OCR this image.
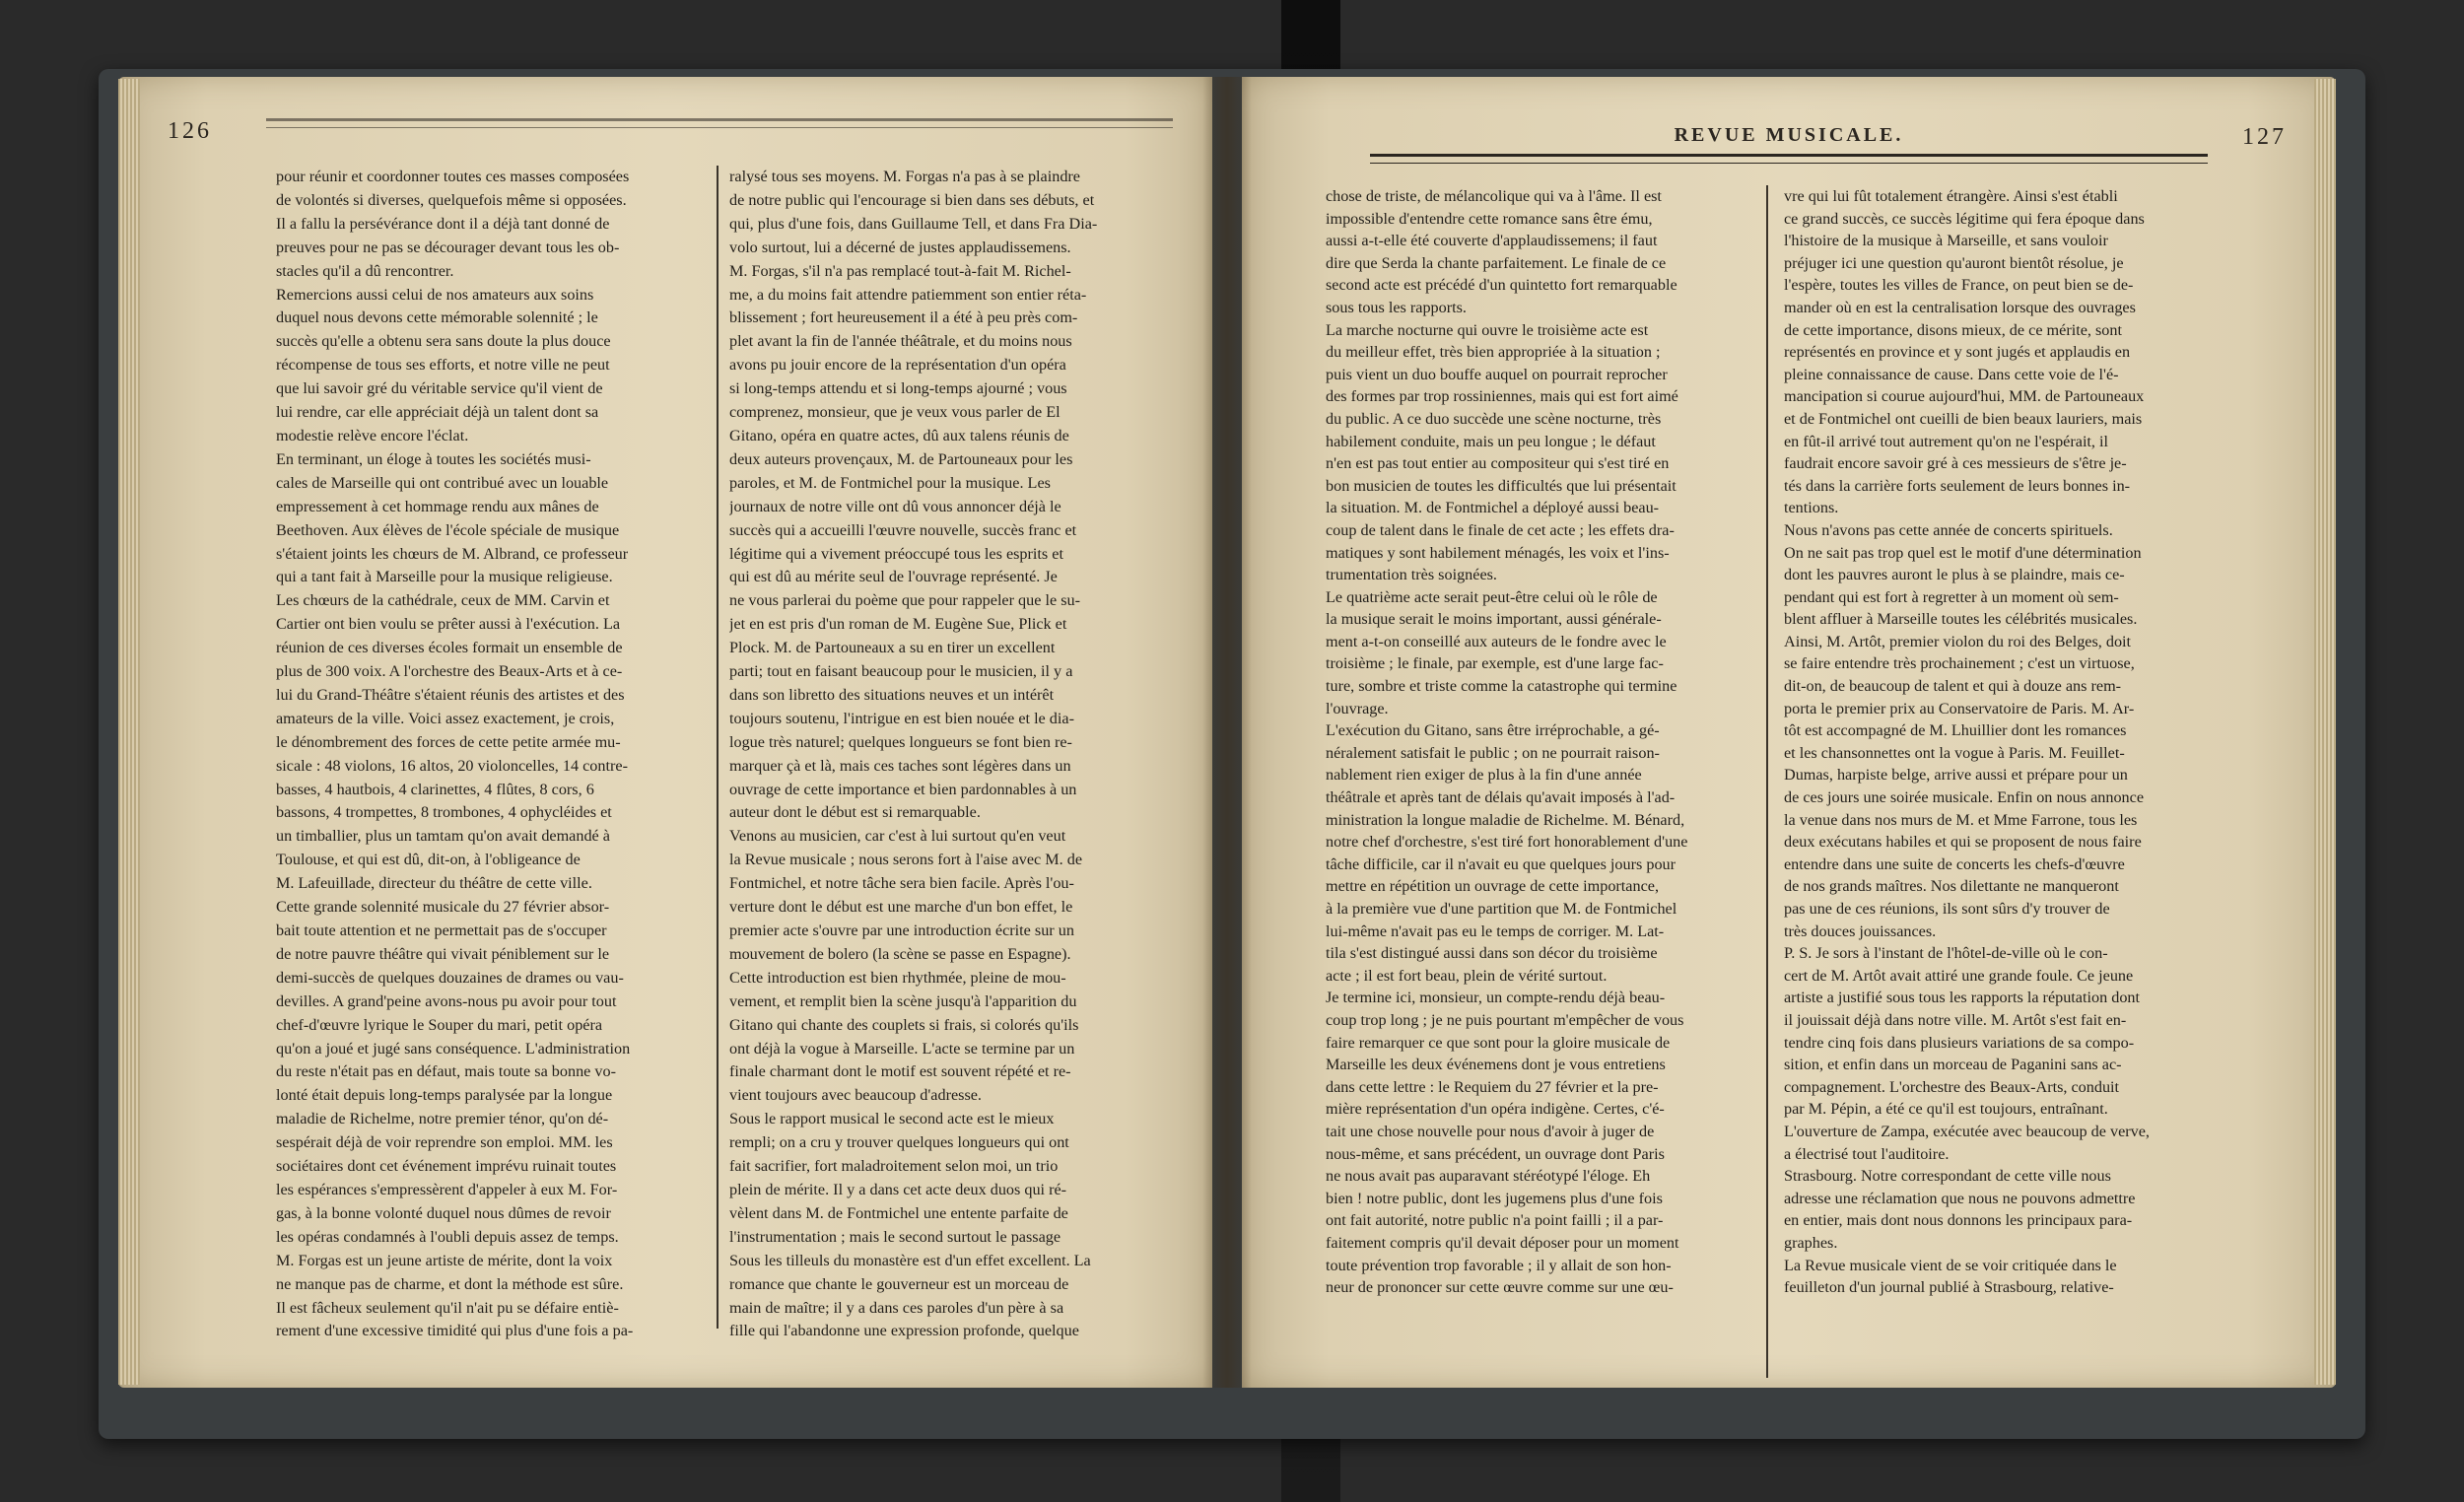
126
pour réunir et coordonner toutes ces masses composées
de volontés si diverses, quelquefois même si opposées.
Il a fallu la persévérance dont il a déjà tant donné de
preuves pour ne pas se décourager devant tous les ob-
stacles qu'il a dû rencontrer.
Remercions aussi celui de nos amateurs aux soins
duquel nous devons cette mémorable solennité ; le
succès qu'elle a obtenu sera sans doute la plus douce
récompense de tous ses efforts, et notre ville ne peut
que lui savoir gré du véritable service qu'il vient de
lui rendre, car elle appréciait déjà un talent dont sa
modestie relève encore l'éclat.
En terminant, un éloge à toutes les sociétés musi-
cales de Marseille qui ont contribué avec un louable
empressement à cet hommage rendu aux mânes de
Beethoven. Aux élèves de l'école spéciale de musique
s'étaient joints les chœurs de M. Albrand, ce professeur
qui a tant fait à Marseille pour la musique religieuse.
Les chœurs de la cathédrale, ceux de MM. Carvin et
Cartier ont bien voulu se prêter aussi à l'exécution. La
réunion de ces diverses écoles formait un ensemble de
plus de 300 voix. A l'orchestre des Beaux-Arts et à ce-
lui du Grand-Théâtre s'étaient réunis des artistes et des
amateurs de la ville. Voici assez exactement, je crois,
le dénombrement des forces de cette petite armée mu-
sicale : 48 violons, 16 altos, 20 violoncelles, 14 contre-
basses, 4 hautbois, 4 clarinettes, 4 flûtes, 8 cors, 6
bassons, 4 trompettes, 8 trombones, 4 ophycléides et
un timballier, plus un tamtam qu'on avait demandé à
Toulouse, et qui est dû, dit-on, à l'obligeance de
M. Lafeuillade, directeur du théâtre de cette ville.
Cette grande solennité musicale du 27 février absor-
bait toute attention et ne permettait pas de s'occuper
de notre pauvre théâtre qui vivait péniblement sur le
demi-succès de quelques douzaines de drames ou vau-
devilles. A grand'peine avons-nous pu avoir pour tout
chef-d'œuvre lyrique le Souper du mari, petit opéra
qu'on a joué et jugé sans conséquence. L'administration
du reste n'était pas en défaut, mais toute sa bonne vo-
lonté était depuis long-temps paralysée par la longue
maladie de Richelme, notre premier ténor, qu'on dé-
sespérait déjà de voir reprendre son emploi. MM. les
sociétaires dont cet événement imprévu ruinait toutes
les espérances s'empressèrent d'appeler à eux M. For-
gas, à la bonne volonté duquel nous dûmes de revoir
les opéras condamnés à l'oubli depuis assez de temps.
M. Forgas est un jeune artiste de mérite, dont la voix
ne manque pas de charme, et dont la méthode est sûre.
Il est fâcheux seulement qu'il n'ait pu se défaire entiè-
rement d'une excessive timidité qui plus d'une fois a pa-
ralysé tous ses moyens. M. Forgas n'a pas à se plaindre
de notre public qui l'encourage si bien dans ses débuts, et
qui, plus d'une fois, dans Guillaume Tell, et dans Fra Dia-
volo surtout, lui a décerné de justes applaudissemens.
M. Forgas, s'il n'a pas remplacé tout-à-fait M. Richel-
me, a du moins fait attendre patiemment son entier réta-
blissement ; fort heureusement il a été à peu près com-
plet avant la fin de l'année théâtrale, et du moins nous
avons pu jouir encore de la représentation d'un opéra
si long-temps attendu et si long-temps ajourné ; vous
comprenez, monsieur, que je veux vous parler de El
Gitano, opéra en quatre actes, dû aux talens réunis de
deux auteurs provençaux, M. de Partouneaux pour les
paroles, et M. de Fontmichel pour la musique. Les
journaux de notre ville ont dû vous annoncer déjà le
succès qui a accueilli l'œuvre nouvelle, succès franc et
légitime qui a vivement préoccupé tous les esprits et
qui est dû au mérite seul de l'ouvrage représenté. Je
ne vous parlerai du poème que pour rappeler que le su-
jet en est pris d'un roman de M. Eugène Sue, Plick et
Plock. M. de Partouneaux a su en tirer un excellent
parti; tout en faisant beaucoup pour le musicien, il y a
dans son libretto des situations neuves et un intérêt
toujours soutenu, l'intrigue en est bien nouée et le dia-
logue très naturel; quelques longueurs se font bien re-
marquer çà et là, mais ces taches sont légères dans un
ouvrage de cette importance et bien pardonnables à un
auteur dont le début est si remarquable.
Venons au musicien, car c'est à lui surtout qu'en veut
la Revue musicale ; nous serons fort à l'aise avec M. de
Fontmichel, et notre tâche sera bien facile. Après l'ou-
verture dont le début est une marche d'un bon effet, le
premier acte s'ouvre par une introduction écrite sur un
mouvement de bolero (la scène se passe en Espagne).
Cette introduction est bien rhythmée, pleine de mou-
vement, et remplit bien la scène jusqu'à l'apparition du
Gitano qui chante des couplets si frais, si colorés qu'ils
ont déjà la vogue à Marseille. L'acte se termine par un
finale charmant dont le motif est souvent répété et re-
vient toujours avec beaucoup d'adresse.
Sous le rapport musical le second acte est le mieux
rempli; on a cru y trouver quelques longueurs qui ont
fait sacrifier, fort maladroitement selon moi, un trio
plein de mérite. Il y a dans cet acte deux duos qui ré-
vèlent dans M. de Fontmichel une entente parfaite de
l'instrumentation ; mais le second surtout le passage
Sous les tilleuls du monastère est d'un effet excellent. La
romance que chante le gouverneur est un morceau de
main de maître; il y a dans ces paroles d'un père à sa
fille qui l'abandonne une expression profonde, quelque
REVUE MUSICALE.	127
chose de triste, de mélancolique qui va à l'âme. Il est
impossible d'entendre cette romance sans être ému,
aussi a-t-elle été couverte d'applaudissemens; il faut
dire que Serda la chante parfaitement. Le finale de ce
second acte est précédé d'un quintetto fort remarquable
sous tous les rapports.
La marche nocturne qui ouvre le troisième acte est
du meilleur effet, très bien appropriée à la situation ;
puis vient un duo bouffe auquel on pourrait reprocher
des formes par trop rossiniennes, mais qui est fort aimé
du public. A ce duo succède une scène nocturne, très
habilement conduite, mais un peu longue ; le défaut
n'en est pas tout entier au compositeur qui s'est tiré en
bon musicien de toutes les difficultés que lui présentait
la situation. M. de Fontmichel a déployé aussi beau-
coup de talent dans le finale de cet acte ; les effets dra-
matiques y sont habilement ménagés, les voix et l'ins-
trumentation très soignées.
Le quatrième acte serait peut-être celui où le rôle de
la musique serait le moins important, aussi générale-
ment a-t-on conseillé aux auteurs de le fondre avec le
troisième ; le finale, par exemple, est d'une large fac-
ture, sombre et triste comme la catastrophe qui termine
l'ouvrage.
L'exécution du Gitano, sans être irréprochable, a gé-
néralement satisfait le public ; on ne pourrait raison-
nablement rien exiger de plus à la fin d'une année
théâtrale et après tant de délais qu'avait imposés à l'ad-
ministration la longue maladie de Richelme. M. Bénard,
notre chef d'orchestre, s'est tiré fort honorablement d'une
tâche difficile, car il n'avait eu que quelques jours pour
mettre en répétition un ouvrage de cette importance,
à la première vue d'une partition que M. de Fontmichel
lui-même n'avait pas eu le temps de corriger. M. Lat-
tila s'est distingué aussi dans son décor du troisième
acte ; il est fort beau, plein de vérité surtout.
Je termine ici, monsieur, un compte-rendu déjà beau-
coup trop long ; je ne puis pourtant m'empêcher de vous
faire remarquer ce que sont pour la gloire musicale de
Marseille les deux événemens dont je vous entretiens
dans cette lettre : le Requiem du 27 février et la pre-
mière représentation d'un opéra indigène. Certes, c'é-
tait une chose nouvelle pour nous d'avoir à juger de
nous-même, et sans précédent, un ouvrage dont Paris
ne nous avait pas auparavant stéréotypé l'éloge. Eh
bien ! notre public, dont les jugemens plus d'une fois
ont fait autorité, notre public n'a point failli ; il a par-
faitement compris qu'il devait déposer pour un moment
toute prévention trop favorable ; il y allait de son hon-
neur de prononcer sur cette œuvre comme sur une œu-
vre qui lui fût totalement étrangère. Ainsi s'est établi
ce grand succès, ce succès légitime qui fera époque dans
l'histoire de la musique à Marseille, et sans vouloir
préjuger ici une question qu'auront bientôt résolue, je
l'espère, toutes les villes de France, on peut bien se de-
mander où en est la centralisation lorsque des ouvrages
de cette importance, disons mieux, de ce mérite, sont
représentés en province et y sont jugés et applaudis en
pleine connaissance de cause. Dans cette voie de l'é-
mancipation si courue aujourd'hui, MM. de Partouneaux
et de Fontmichel ont cueilli de bien beaux lauriers, mais
en fût-il arrivé tout autrement qu'on ne l'espérait, il
faudrait encore savoir gré à ces messieurs de s'être je-
tés dans la carrière forts seulement de leurs bonnes in-
tentions.
Nous n'avons pas cette année de concerts spirituels.
On ne sait pas trop quel est le motif d'une détermination
dont les pauvres auront le plus à se plaindre, mais ce-
pendant qui est fort à regretter à un moment où sem-
blent affluer à Marseille toutes les célébrités musicales.
Ainsi, M. Artôt, premier violon du roi des Belges, doit
se faire entendre très prochainement ; c'est un virtuose,
dit-on, de beaucoup de talent et qui à douze ans rem-
porta le premier prix au Conservatoire de Paris. M. Ar-
tôt est accompagné de M. Lhuillier dont les romances
et les chansonnettes ont la vogue à Paris. M. Feuillet-
Dumas, harpiste belge, arrive aussi et prépare pour un
de ces jours une soirée musicale. Enfin on nous annonce
la venue dans nos murs de M. et Mme Farrone, tous les
deux exécutans habiles et qui se proposent de nous faire
entendre dans une suite de concerts les chefs-d'œuvre
de nos grands maîtres. Nos dilettante ne manqueront
pas une de ces réunions, ils sont sûrs d'y trouver de
très douces jouissances.
P. S. Je sors à l'instant de l'hôtel-de-ville où le con-
cert de M. Artôt avait attiré une grande foule. Ce jeune
artiste a justifié sous tous les rapports la réputation dont
il jouissait déjà dans notre ville. M. Artôt s'est fait en-
tendre cinq fois dans plusieurs variations de sa compo-
sition, et enfin dans un morceau de Paganini sans ac-
compagnement. L'orchestre des Beaux-Arts, conduit
par M. Pépin, a été ce qu'il est toujours, entraînant.
L'ouverture de Zampa, exécutée avec beaucoup de verve,
a électrisé tout l'auditoire.
Strasbourg. Notre correspondant de cette ville nous
adresse une réclamation que nous ne pouvons admettre
en entier, mais dont nous donnons les principaux para-
graphes.
La Revue musicale vient de se voir critiquée dans le
feuilleton d'un journal publié à Strasbourg, relative-
